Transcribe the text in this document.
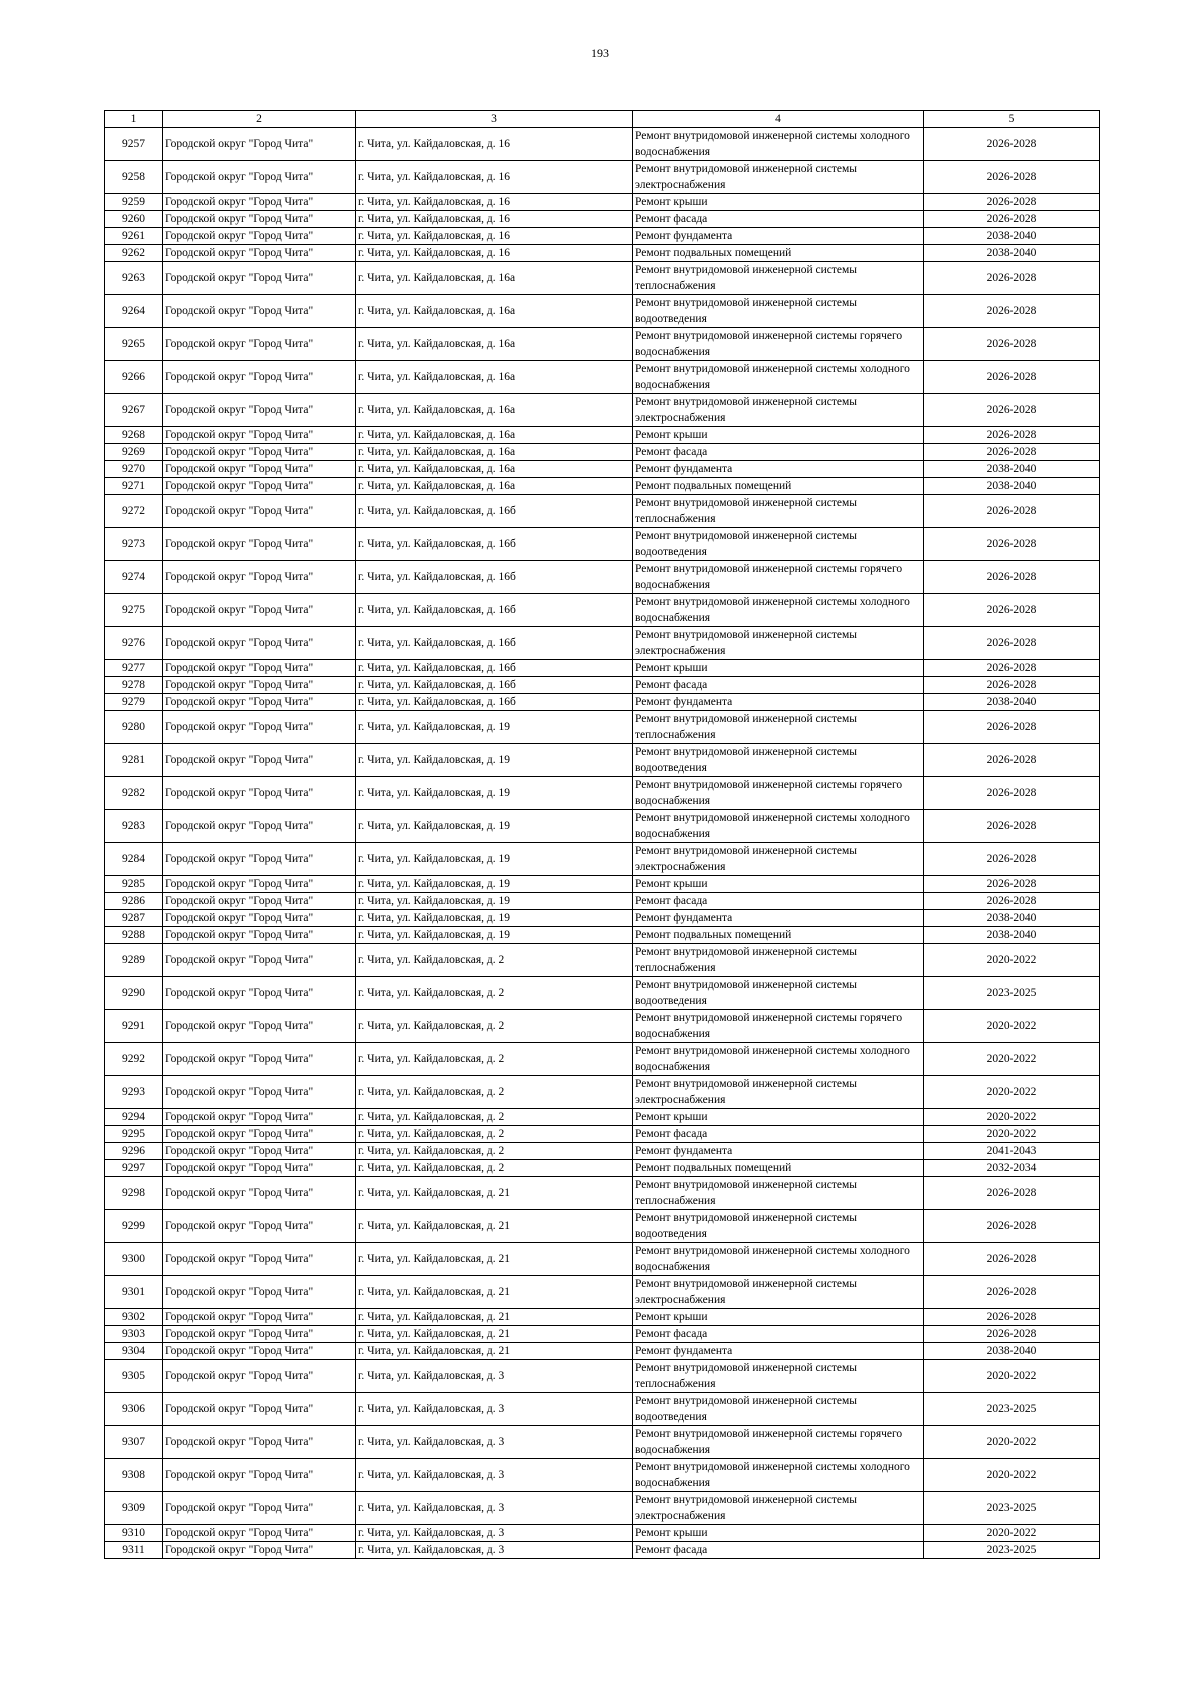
193
1	2	3	4	5
9257	Городской округ "Город Чита"	г. Чита, ул. Кайдаловская, д. 16	Ремонт внутридомовой инженерной системы холодного водоснабжения	2026-2028
9258	Городской округ "Город Чита"	г. Чита, ул. Кайдаловская, д. 16	Ремонт внутридомовой инженерной системы электроснабжения	2026-2028
9259	Городской округ "Город Чита"	г. Чита, ул. Кайдаловская, д. 16	Ремонт крыши	2026-2028
9260	Городской округ "Город Чита"	г. Чита, ул. Кайдаловская, д. 16	Ремонт фасада	2026-2028
9261	Городской округ "Город Чита"	г. Чита, ул. Кайдаловская, д. 16	Ремонт фундамента	2038-2040
9262	Городской округ "Город Чита"	г. Чита, ул. Кайдаловская, д. 16	Ремонт подвальных помещений	2038-2040
9263	Городской округ "Город Чита"	г. Чита, ул. Кайдаловская, д. 16а	Ремонт внутридомовой инженерной системы теплоснабжения	2026-2028
9264	Городской округ "Город Чита"	г. Чита, ул. Кайдаловская, д. 16а	Ремонт внутридомовой инженерной системы водоотведения	2026-2028
9265	Городской округ "Город Чита"	г. Чита, ул. Кайдаловская, д. 16а	Ремонт внутридомовой инженерной системы горячего водоснабжения	2026-2028
9266	Городской округ "Город Чита"	г. Чита, ул. Кайдаловская, д. 16а	Ремонт внутридомовой инженерной системы холодного водоснабжения	2026-2028
9267	Городской округ "Город Чита"	г. Чита, ул. Кайдаловская, д. 16а	Ремонт внутридомовой инженерной системы электроснабжения	2026-2028
9268	Городской округ "Город Чита"	г. Чита, ул. Кайдаловская, д. 16а	Ремонт крыши	2026-2028
9269	Городской округ "Город Чита"	г. Чита, ул. Кайдаловская, д. 16а	Ремонт фасада	2026-2028
9270	Городской округ "Город Чита"	г. Чита, ул. Кайдаловская, д. 16а	Ремонт фундамента	2038-2040
9271	Городской округ "Город Чита"	г. Чита, ул. Кайдаловская, д. 16а	Ремонт подвальных помещений	2038-2040
9272	Городской округ "Город Чита"	г. Чита, ул. Кайдаловская, д. 16б	Ремонт внутридомовой инженерной системы теплоснабжения	2026-2028
9273	Городской округ "Город Чита"	г. Чита, ул. Кайдаловская, д. 16б	Ремонт внутридомовой инженерной системы водоотведения	2026-2028
9274	Городской округ "Город Чита"	г. Чита, ул. Кайдаловская, д. 16б	Ремонт внутридомовой инженерной системы горячего водоснабжения	2026-2028
9275	Городской округ "Город Чита"	г. Чита, ул. Кайдаловская, д. 16б	Ремонт внутридомовой инженерной системы холодного водоснабжения	2026-2028
9276	Городской округ "Город Чита"	г. Чита, ул. Кайдаловская, д. 16б	Ремонт внутридомовой инженерной системы электроснабжения	2026-2028
9277	Городской округ "Город Чита"	г. Чита, ул. Кайдаловская, д. 16б	Ремонт крыши	2026-2028
9278	Городской округ "Город Чита"	г. Чита, ул. Кайдаловская, д. 16б	Ремонт фасада	2026-2028
9279	Городской округ "Город Чита"	г. Чита, ул. Кайдаловская, д. 16б	Ремонт фундамента	2038-2040
9280	Городской округ "Город Чита"	г. Чита, ул. Кайдаловская, д. 19	Ремонт внутридомовой инженерной системы теплоснабжения	2026-2028
9281	Городской округ "Город Чита"	г. Чита, ул. Кайдаловская, д. 19	Ремонт внутридомовой инженерной системы водоотведения	2026-2028
9282	Городской округ "Город Чита"	г. Чита, ул. Кайдаловская, д. 19	Ремонт внутридомовой инженерной системы горячего водоснабжения	2026-2028
9283	Городской округ "Город Чита"	г. Чита, ул. Кайдаловская, д. 19	Ремонт внутридомовой инженерной системы холодного водоснабжения	2026-2028
9284	Городской округ "Город Чита"	г. Чита, ул. Кайдаловская, д. 19	Ремонт внутридомовой инженерной системы электроснабжения	2026-2028
9285	Городской округ "Город Чита"	г. Чита, ул. Кайдаловская, д. 19	Ремонт крыши	2026-2028
9286	Городской округ "Город Чита"	г. Чита, ул. Кайдаловская, д. 19	Ремонт фасада	2026-2028
9287	Городской округ "Город Чита"	г. Чита, ул. Кайдаловская, д. 19	Ремонт фундамента	2038-2040
9288	Городской округ "Город Чита"	г. Чита, ул. Кайдаловская, д. 19	Ремонт подвальных помещений	2038-2040
9289	Городской округ "Город Чита"	г. Чита, ул. Кайдаловская, д. 2	Ремонт внутридомовой инженерной системы теплоснабжения	2020-2022
9290	Городской округ "Город Чита"	г. Чита, ул. Кайдаловская, д. 2	Ремонт внутридомовой инженерной системы водоотведения	2023-2025
9291	Городской округ "Город Чита"	г. Чита, ул. Кайдаловская, д. 2	Ремонт внутридомовой инженерной системы горячего водоснабжения	2020-2022
9292	Городской округ "Город Чита"	г. Чита, ул. Кайдаловская, д. 2	Ремонт внутридомовой инженерной системы холодного водоснабжения	2020-2022
9293	Городской округ "Город Чита"	г. Чита, ул. Кайдаловская, д. 2	Ремонт внутридомовой инженерной системы электроснабжения	2020-2022
9294	Городской округ "Город Чита"	г. Чита, ул. Кайдаловская, д. 2	Ремонт крыши	2020-2022
9295	Городской округ "Город Чита"	г. Чита, ул. Кайдаловская, д. 2	Ремонт фасада	2020-2022
9296	Городской округ "Город Чита"	г. Чита, ул. Кайдаловская, д. 2	Ремонт фундамента	2041-2043
9297	Городской округ "Город Чита"	г. Чита, ул. Кайдаловская, д. 2	Ремонт подвальных помещений	2032-2034
9298	Городской округ "Город Чита"	г. Чита, ул. Кайдаловская, д. 21	Ремонт внутридомовой инженерной системы теплоснабжения	2026-2028
9299	Городской округ "Город Чита"	г. Чита, ул. Кайдаловская, д. 21	Ремонт внутридомовой инженерной системы водоотведения	2026-2028
9300	Городской округ "Город Чита"	г. Чита, ул. Кайдаловская, д. 21	Ремонт внутридомовой инженерной системы холодного водоснабжения	2026-2028
9301	Городской округ "Город Чита"	г. Чита, ул. Кайдаловская, д. 21	Ремонт внутридомовой инженерной системы электроснабжения	2026-2028
9302	Городской округ "Город Чита"	г. Чита, ул. Кайдаловская, д. 21	Ремонт крыши	2026-2028
9303	Городской округ "Город Чита"	г. Чита, ул. Кайдаловская, д. 21	Ремонт фасада	2026-2028
9304	Городской округ "Город Чита"	г. Чита, ул. Кайдаловская, д. 21	Ремонт фундамента	2038-2040
9305	Городской округ "Город Чита"	г. Чита, ул. Кайдаловская, д. 3	Ремонт внутридомовой инженерной системы теплоснабжения	2020-2022
9306	Городской округ "Город Чита"	г. Чита, ул. Кайдаловская, д. 3	Ремонт внутридомовой инженерной системы водоотведения	2023-2025
9307	Городской округ "Город Чита"	г. Чита, ул. Кайдаловская, д. 3	Ремонт внутридомовой инженерной системы горячего водоснабжения	2020-2022
9308	Городской округ "Город Чита"	г. Чита, ул. Кайдаловская, д. 3	Ремонт внутридомовой инженерной системы холодного водоснабжения	2020-2022
9309	Городской округ "Город Чита"	г. Чита, ул. Кайдаловская, д. 3	Ремонт внутридомовой инженерной системы электроснабжения	2023-2025
9310	Городской округ "Город Чита"	г. Чита, ул. Кайдаловская, д. 3	Ремонт крыши	2020-2022
9311	Городской округ "Город Чита"	г. Чита, ул. Кайдаловская, д. 3	Ремонт фасада	2023-2025
